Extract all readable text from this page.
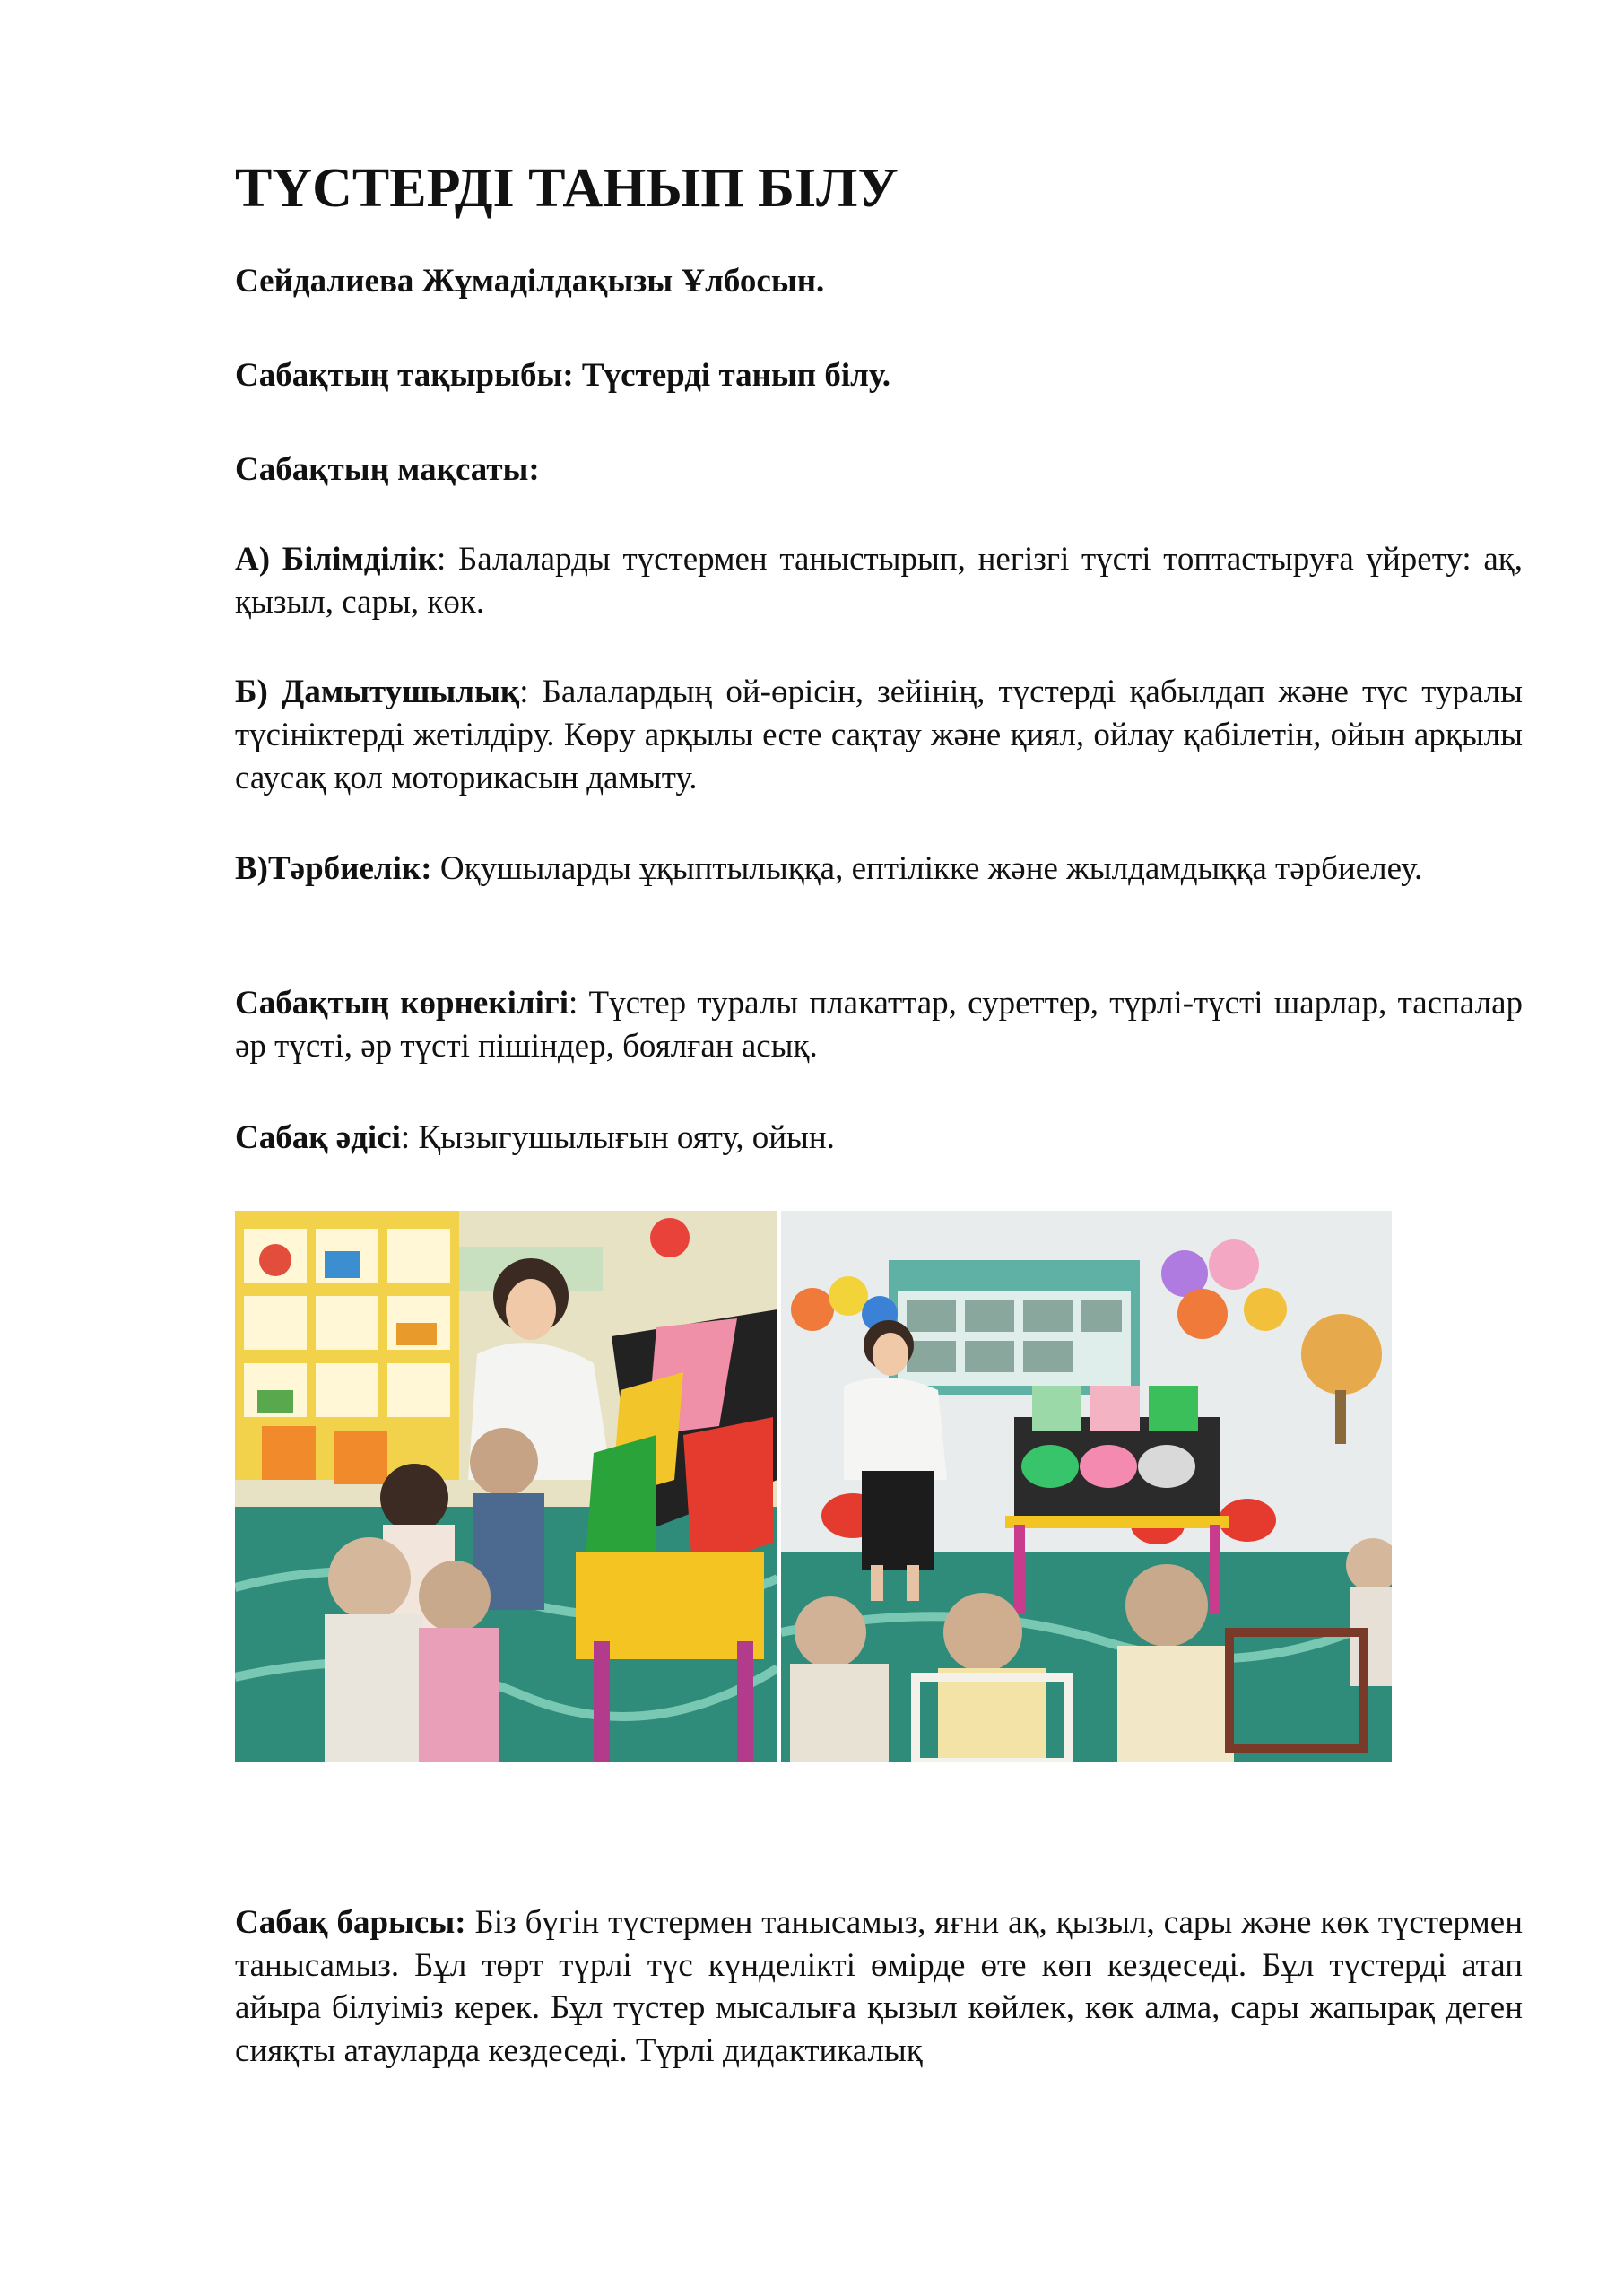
ТҮСТЕРДІ ТАНЫП БІЛУ

Сейдалиева Жұмаділдақызы Ұлбосын.

Сабақтың тақырыбы: Түстерді танып білу.

Сабақтың мақсаты:

А) Білімділік: Балаларды түстермен таныстырып, негізгі түсті топтастыруға үйрету: ақ, қызыл, сары, көк.

Б) Дамытушылық: Балалардың ой-өрісін, зейінің, түстерді қабылдап және түс туралы түсініктерді жетілдіру. Көру арқылы есте сақтау және қиял, ойлау қабілетін, ойын арқылы саусақ қол моторикасын дамыту.

В)Тәрбиелік: Оқушыларды ұқыптылыққа, ептілікке және жылдамдыққа тәрбиелеу.

Сабақтың көрнекілігі: Түстер туралы плакаттар, суреттер, түрлі-түсті шарлар, таспалар әр түсті, әр түсті пішіндер, боялған асық.

Сабақ әдісі: Қызыгушылығын ояту, ойын.

Сабақ барысы: Біз бүгін түстермен танысамыз, яғни ақ, қызыл, сары және көк түстермен танысамыз. Бұл төрт түрлі түс күнделікті өмірде өте көп кездеседі. Бұл түстерді атап айыра білуіміз керек. Бұл түстер мысалыға қызыл көйлек, көк алма, сары жапырақ деген сияқты атауларда кездеседі. Түрлі дидактикалық
